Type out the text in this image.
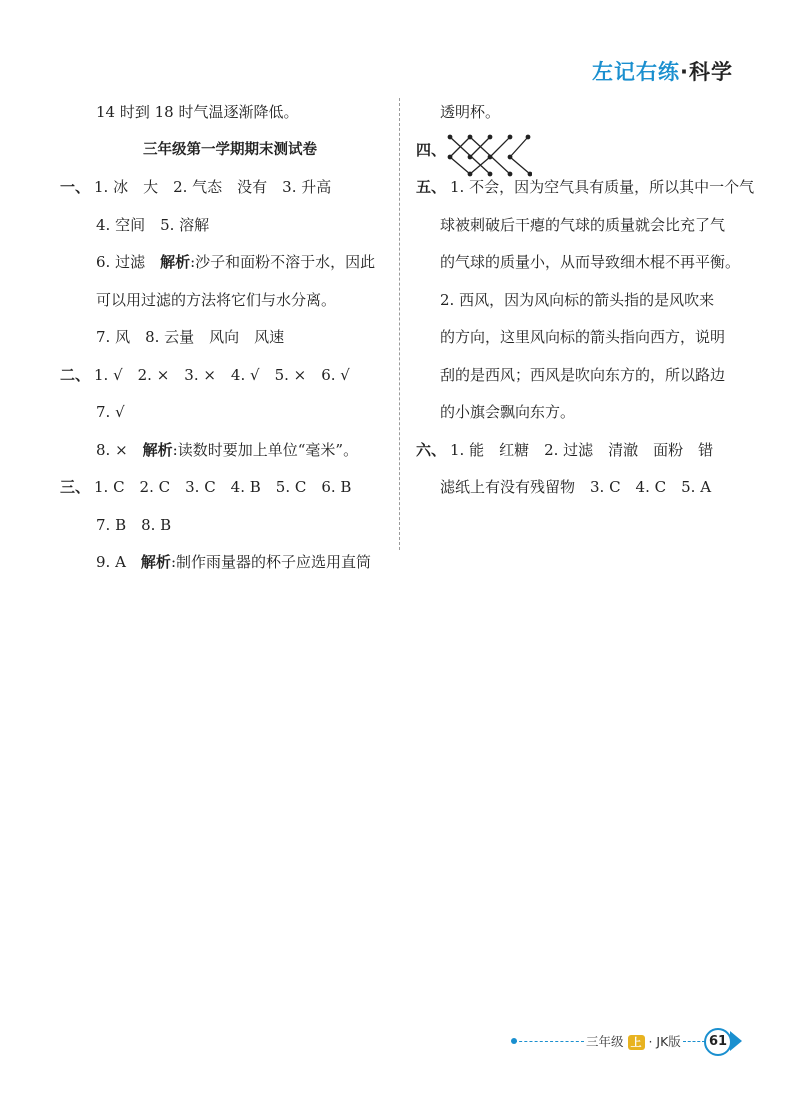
左记右练·科学
14 时到 18 时气温逐渐降低。
三年级第一学期期末测试卷
一、 1. 冰　大　2. 气态　没有　3. 升高
4. 空间　5. 溶解
6. 过滤　解析:沙子和面粉不溶于水，因此
可以用过滤的方法将它们与水分离。
7. 风　8. 云量　风向　风速
二、 1. √　2. ×　3. ×　4. √　5. ×　6. √
7. √
8. ×　解析:读数时要加上单位“毫米”。
三、 1. C　2. C　3. C　4. B　5. C　6. B
7. B　8. B
9. A　解析:制作雨量器的杯子应选用直筒
透明杯。
四、
五、 1. 不会，因为空气具有质量，所以其中一个气
球被刺破后干瘪的气球的质量就会比充了气
的气球的质量小，从而导致细木棍不再平衡。
2. 西风，因为风向标的箭头指的是风吹来
的方向，这里风向标的箭头指向西方，说明
刮的是西风；西风是吹向东方的，所以路边
的小旗会飘向东方。
六、 1. 能　红糖　2. 过滤　清澈　面粉　错
滤纸上有没有残留物　3. C　4. C　5. A
三年级 上 · JK版	61
